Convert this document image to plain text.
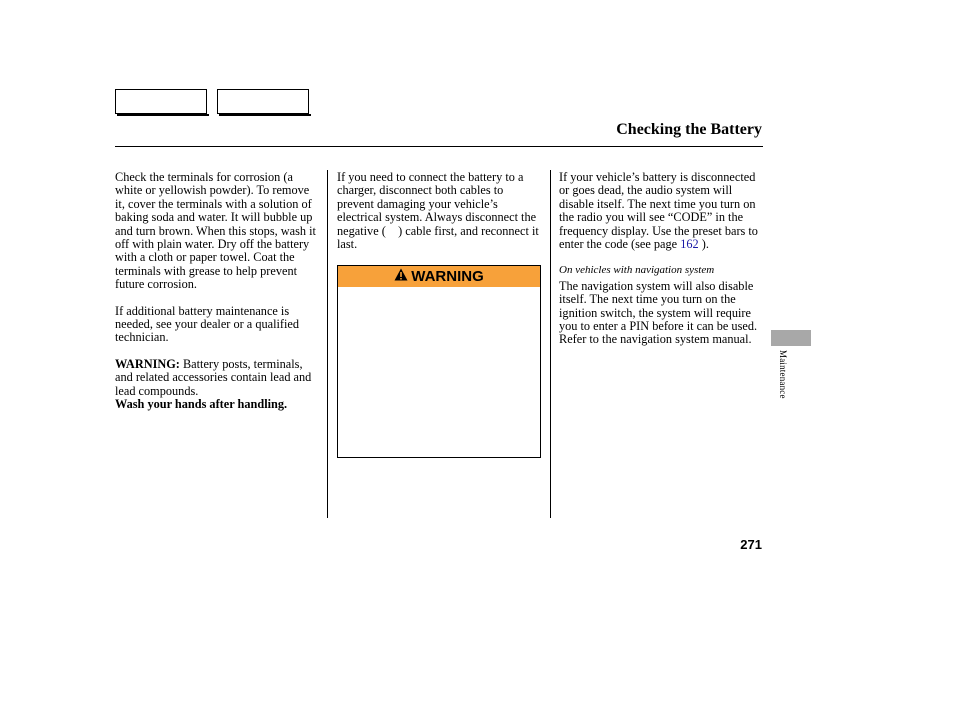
Checking the Battery

Check the terminals for corrosion (a white or yellowish powder). To remove it, cover the terminals with a solution of baking soda and water. It will bubble up and turn brown. When this stops, wash it off with plain water. Dry off the battery with a cloth or paper towel. Coat the terminals with grease to help prevent future corrosion.

If additional battery maintenance is needed, see your dealer or a qualified technician.

WARNING: Battery posts, terminals, and related accessories contain lead and lead compounds.
Wash your hands after handling.

If you need to connect the battery to a charger, disconnect both cables to prevent damaging your vehicle’s electrical system. Always disconnect the negative ( ) cable first, and reconnect it last.

WARNING

If your vehicle’s battery is disconnected or goes dead, the audio system will disable itself. The next time you turn on the radio you will see “CODE” in the frequency display. Use the preset bars to enter the code (see page 162 ).

On vehicles with navigation system

The navigation system will also disable itself. The next time you turn on the ignition switch, the system will require you to enter a PIN before it can be used. Refer to the navigation system manual.

Maintenance
271
